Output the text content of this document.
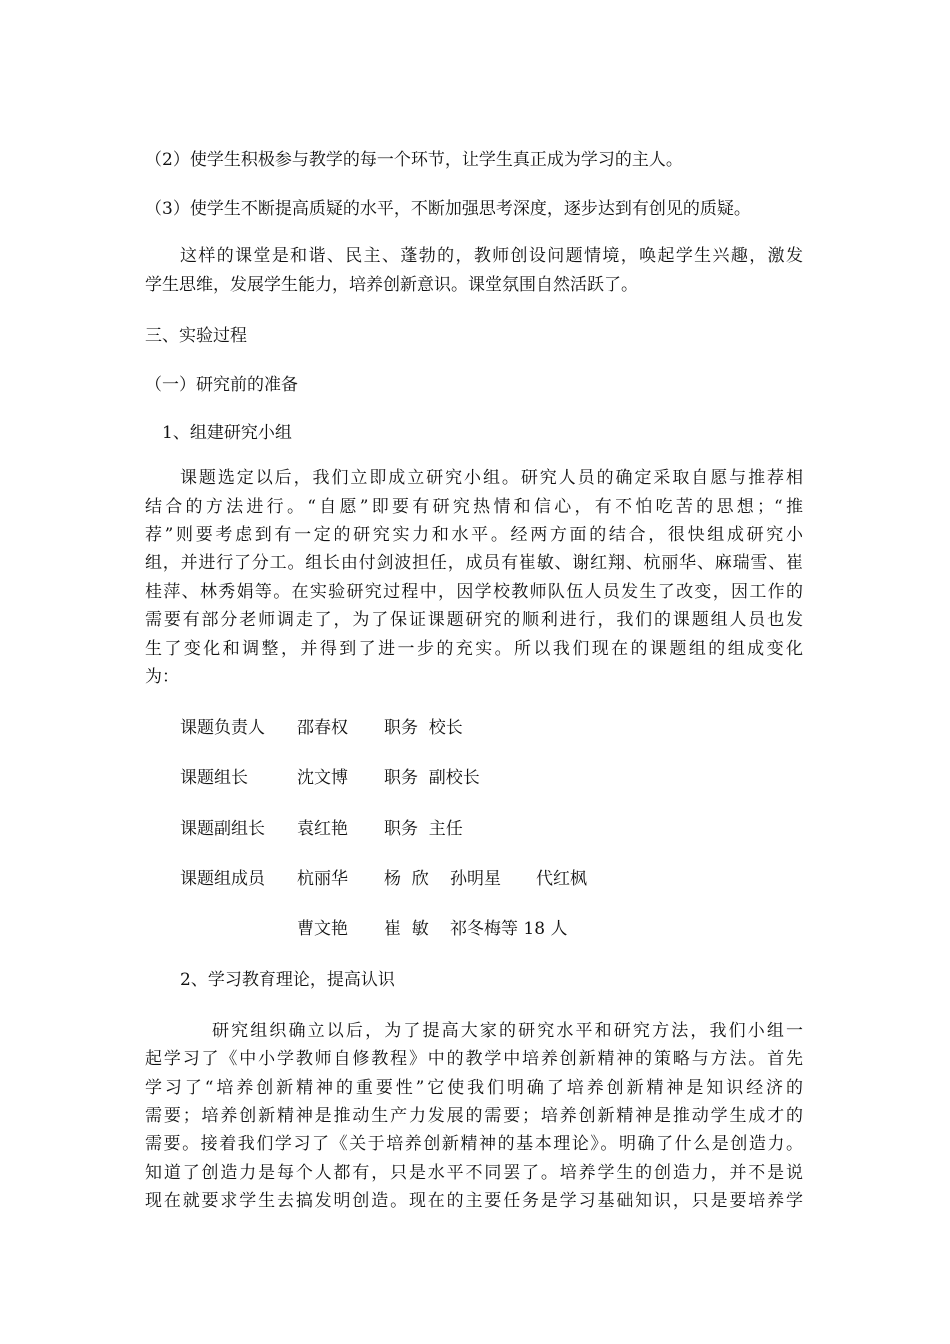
（2）使学生积极参与教学的每一个环节，让学生真正成为学习的主人。
（3）使学生不断提高质疑的水平，不断加强思考深度，逐步达到有创见的质疑。
这样的课堂是和谐、民主、蓬勃的，教师创设问题情境，唤起学生兴趣，激发
学生思维，发展学生能力，培养创新意识。课堂氛围自然活跃了。
三、实验过程
（一）研究前的准备
1、组建研究小组
课题选定以后，我们立即成立研究小组。研究人员的确定采取自愿与推荐相
结合的方法进行。“自愿”即要有研究热情和信心，有不怕吃苦的思想；“推
荐”则要考虑到有一定的研究实力和水平。经两方面的结合，很快组成研究小
组，并进行了分工。组长由付剑波担任，成员有崔敏、谢红翔、杭丽华、麻瑞雪、崔
桂萍、林秀娟等。在实验研究过程中，因学校教师队伍人员发生了改变，因工作的
需要有部分老师调走了，为了保证课题研究的顺利进行，我们的课题组人员也发
生了变化和调整，并得到了进一步的充实。所以我们现在的课题组的组成变化
为：
课题负责人 邵春权 职务  校长
课题组长	沈文博 职务  副校长
课题副组长 袁红艳 职务  主任
课题组成员 杭丽华 杨  欣 孙明星 代红枫
曹文艳 崔  敏 祁冬梅等 18 人
2、学习教育理论，提高认识
研究组织确立以后，为了提高大家的研究水平和研究方法，我们小组一
起学习了《中小学教师自修教程》中的教学中培养创新精神的策略与方法。首先
学习了“培养创新精神的重要性”它使我们明确了培养创新精神是知识经济的
需要；培养创新精神是推动生产力发展的需要；培养创新精神是推动学生成才的
需要。接着我们学习了《关于培养创新精神的基本理论》。明确了什么是创造力。
知道了创造力是每个人都有，只是水平不同罢了。培养学生的创造力，并不是说
现在就要求学生去搞发明创造。现在的主要任务是学习基础知识，只是要培养学
